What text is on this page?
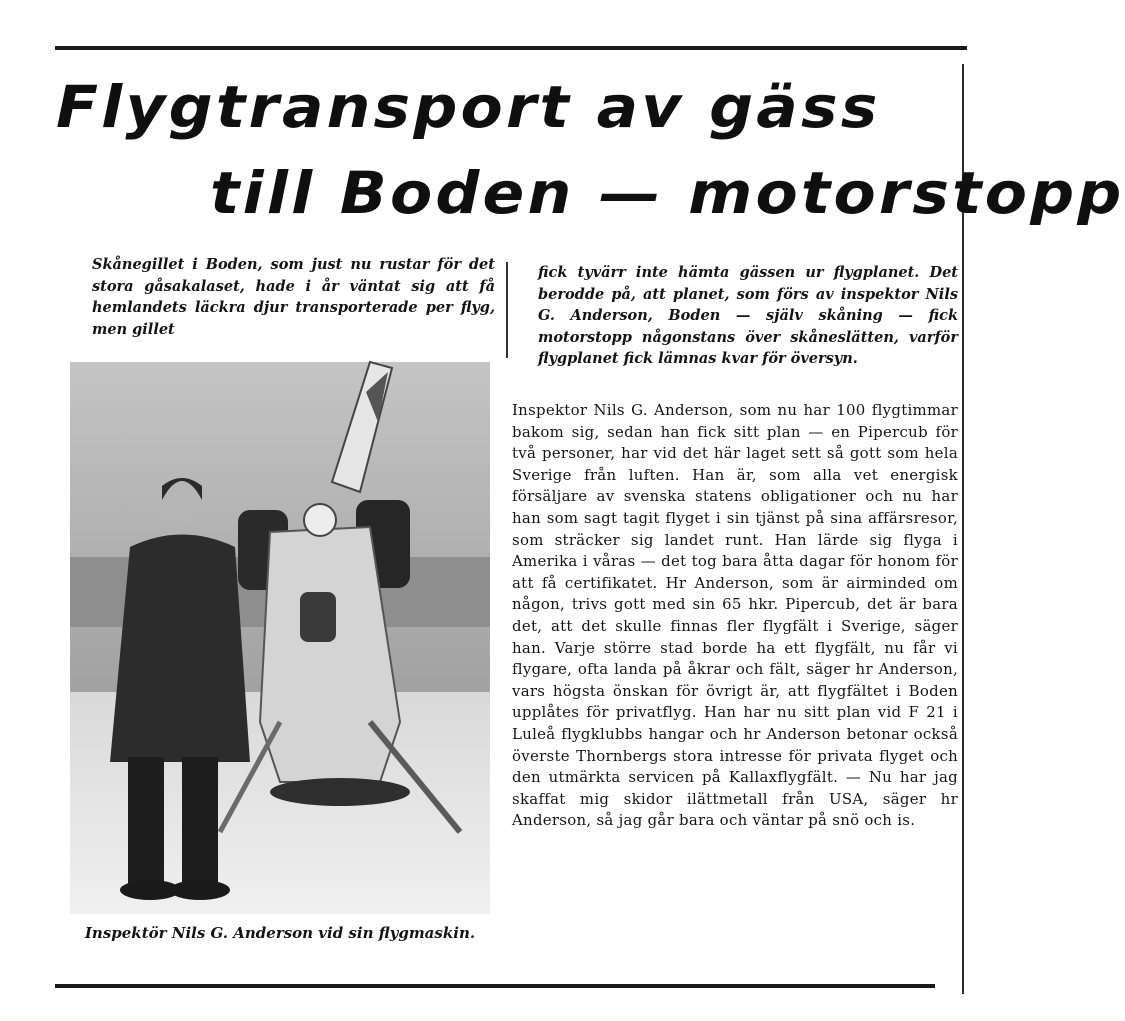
Flygtransport av gäss
till Boden — motorstopp

Skånegillet i Boden, som just nu rustar för det stora gåsakalaset, hade i år väntat sig att få hemlandets läckra djur transporterade per flyg, men gillet

fick tyvärr inte hämta gässen ur flygplanet. Det berodde på, att planet, som förs av inspektor Nils G. Anderson, Boden — själv skåning — fick motorstopp någonstans över skåneslätten, varför flygplanet fick lämnas kvar för översyn.

Inspektör Nils G. Anderson vid sin flygmaskin.

Inspektor Nils G. Anderson, som nu har 100 flygtimmar bakom sig, sedan han fick sitt plan — en Pipercub för två personer, har vid det här laget sett så gott som hela Sverige från luften. Han är, som alla vet energisk försäljare av svenska statens obligationer och nu har han som sagt tagit flyget i sin tjänst på sina affärsresor, som sträcker sig landet runt. Han lärde sig flyga i Amerika i våras — det tog bara åtta dagar för honom för att få certifikatet. Hr Anderson, som är airminded om någon, trivs gott med sin 65 hkr. Pipercub, det är bara det, att det skulle finnas fler flygfält i Sverige, säger han. Varje större stad borde ha ett flygfält, nu får vi flygare, ofta landa på åkrar och fält, säger hr Anderson, vars högsta önskan för övrigt är, att flygfältet i Boden upplåtes för privatflyg. Han har nu sitt plan vid F 21 i Luleå flygklubbs hangar och hr Anderson betonar också överste Thornbergs stora intresse för privata flyget och den utmärkta servicen på Kallaxflygfält. — Nu har jag skaffat mig skidor ilättmetall från USA, säger hr Anderson, så jag går bara och väntar på snö och is.
